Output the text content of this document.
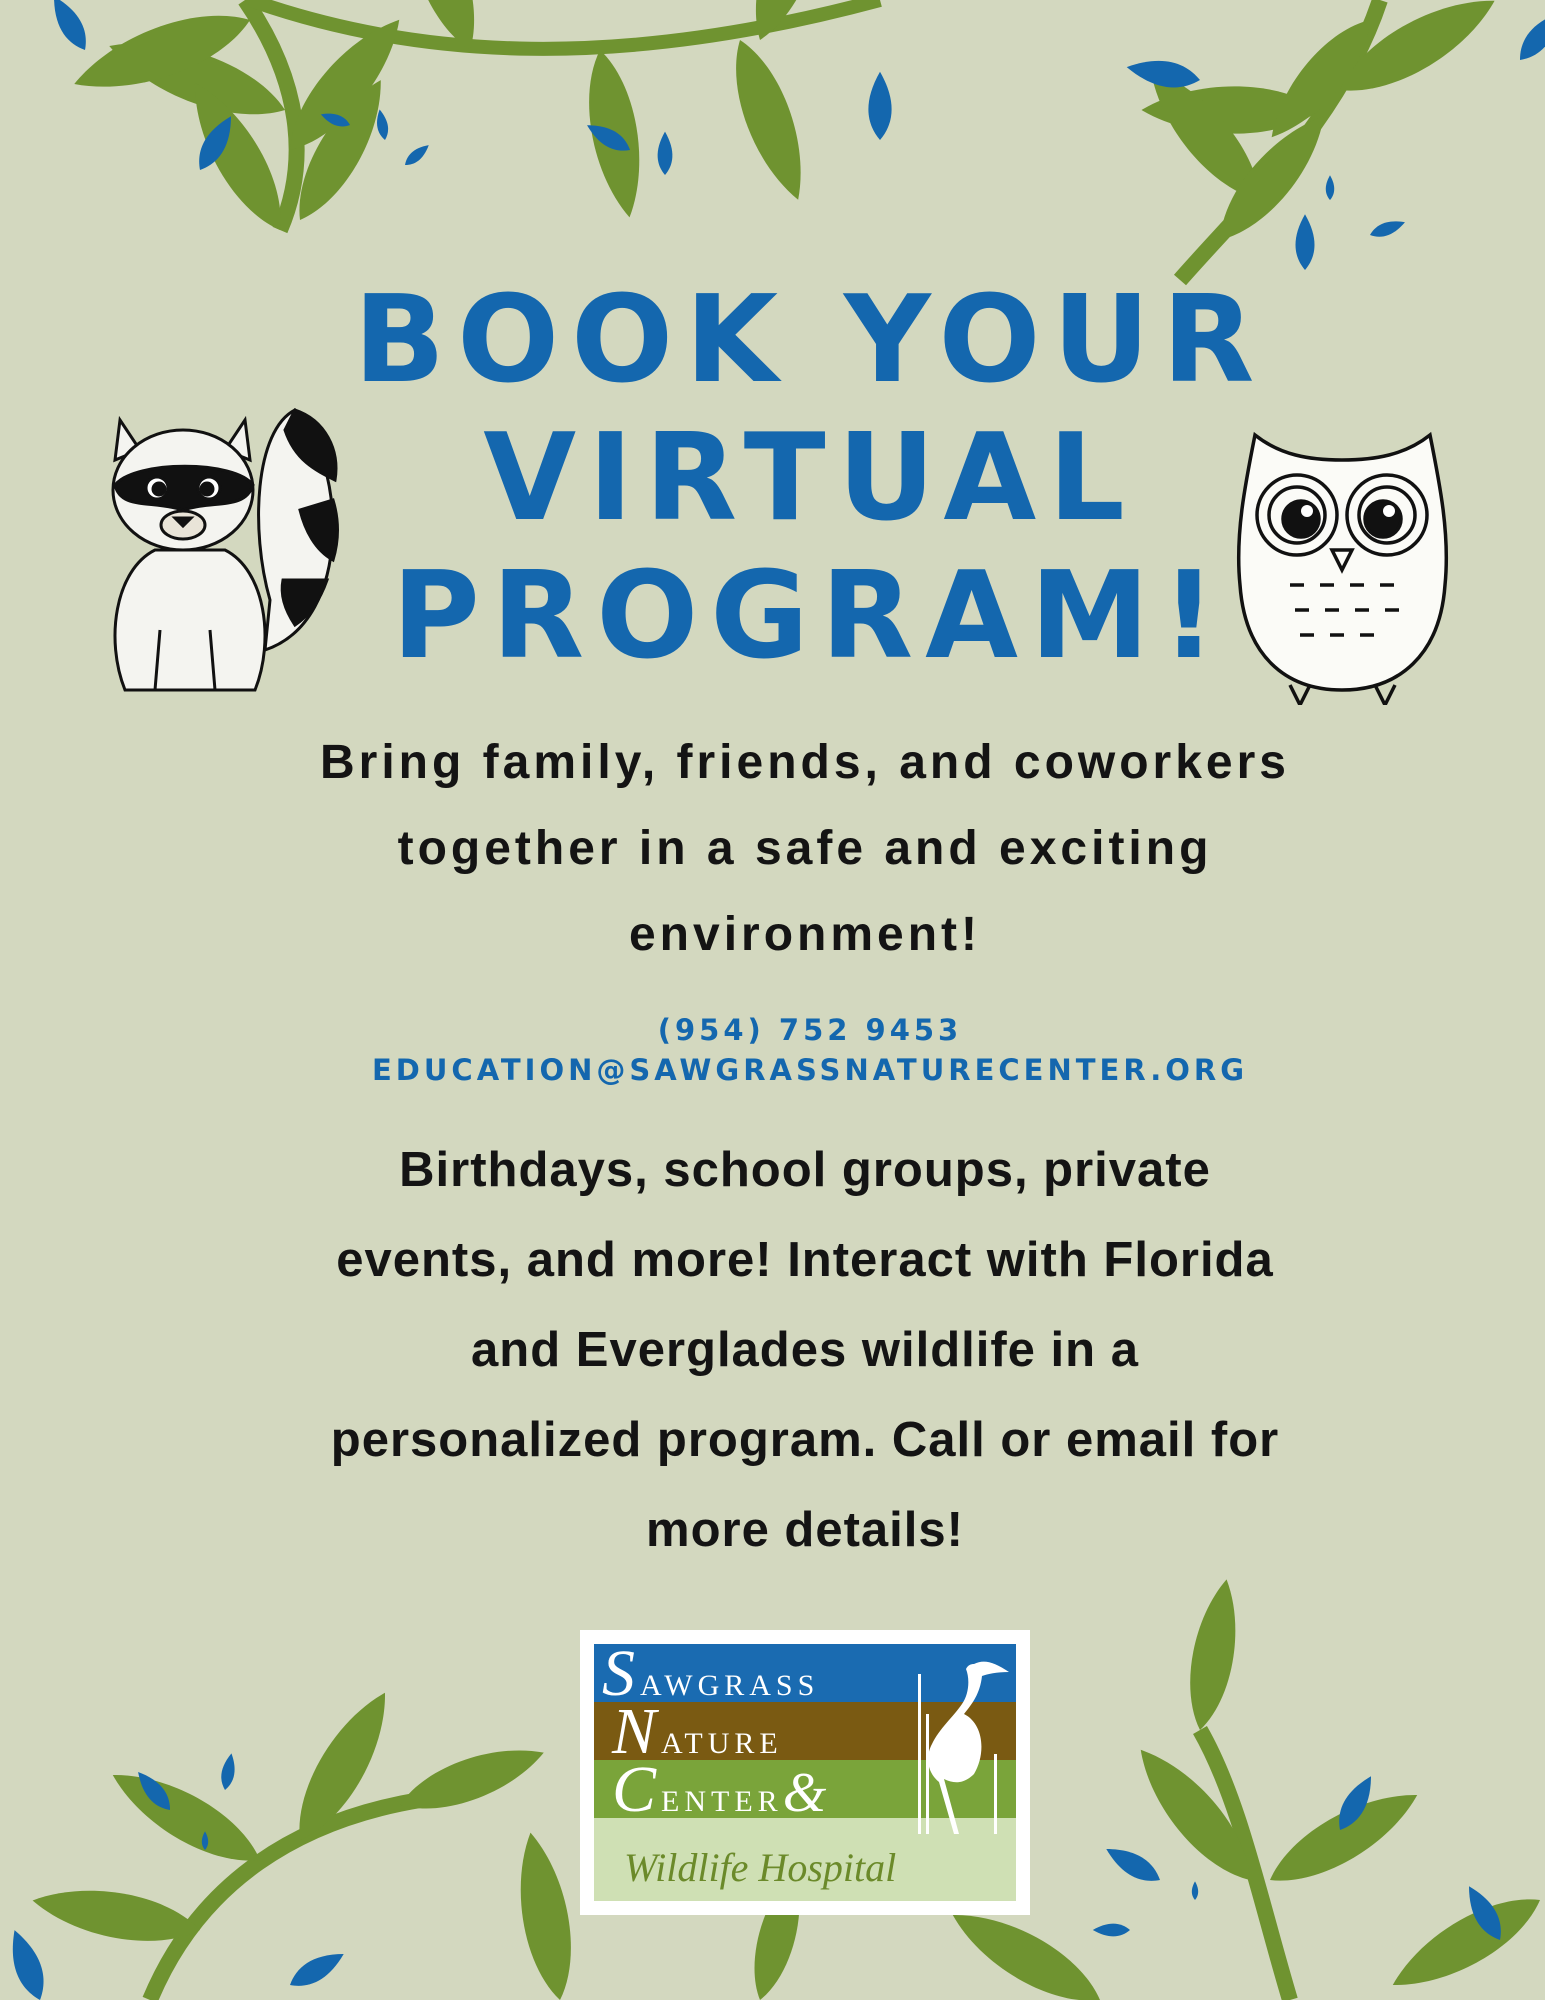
BOOK YOUR
VIRTUAL
PROGRAM!
Bring family, friends, and coworkers
together in a safe and exciting
environment!
(954) 752 9453
EDUCATION@SAWGRASSNATURECENTER.ORG
Birthdays, school groups, private
events, and more! Interact with Florida
and Everglades wildlife in a
personalized program. Call or email for
more details!
SAWGRASS
NATURE
CENTER&
Wildlife Hospital
